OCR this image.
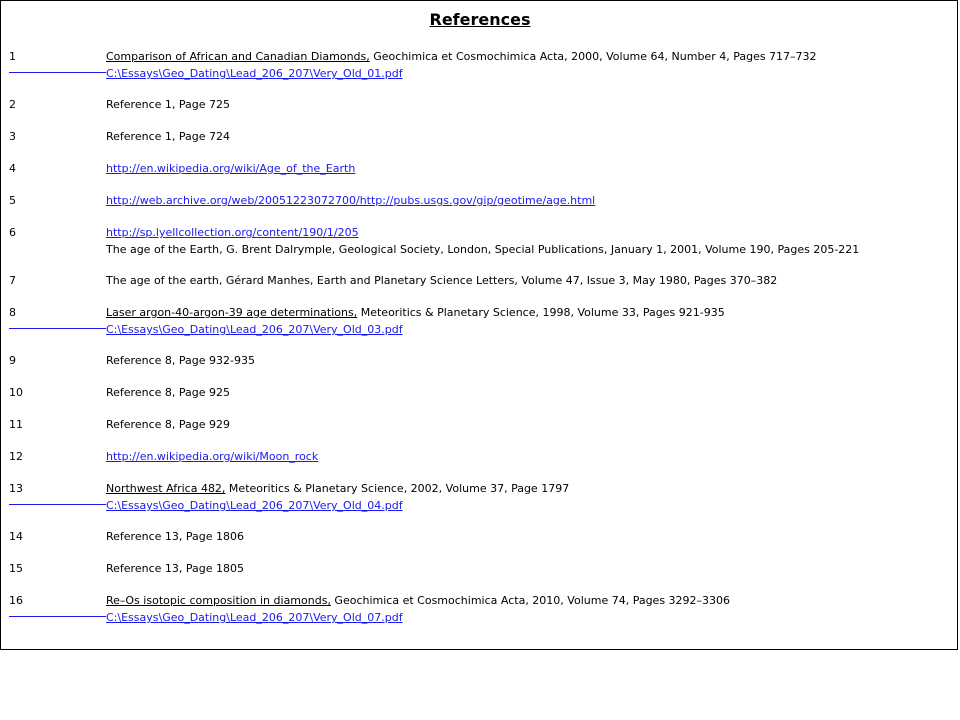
References
1	Comparison of African and Canadian Diamonds, Geochimica et Cosmochimica Acta, 2000, Volume 64, Number 4, Pages 717–732
C:\Essays\Geo_Dating\Lead_206_207\Very_Old_01.pdf
2	Reference 1, Page 725
3	Reference 1, Page 724
4	http://en.wikipedia.org/wiki/Age_of_the_Earth
5	http://web.archive.org/web/20051223072700/http://pubs.usgs.gov/gip/geotime/age.html
6	http://sp.lyellcollection.org/content/190/1/205
The age of the Earth, G. Brent Dalrymple, Geological Society, London, Special Publications, January 1, 2001, Volume 190, Pages 205-221
7	The age of the earth, Gérard Manhes, Earth and Planetary Science Letters, Volume 47, Issue 3, May 1980, Pages 370–382
8	Laser argon-40-argon-39 age determinations, Meteoritics & Planetary Science, 1998, Volume 33, Pages 921-935
C:\Essays\Geo_Dating\Lead_206_207\Very_Old_03.pdf
9	Reference 8, Page 932-935
10	Reference 8, Page 925
11	Reference 8, Page 929
12	http://en.wikipedia.org/wiki/Moon_rock
13	Northwest Africa 482, Meteoritics & Planetary Science, 2002, Volume 37, Page 1797
C:\Essays\Geo_Dating\Lead_206_207\Very_Old_04.pdf
14	Reference 13, Page 1806
15	Reference 13, Page 1805
16	Re–Os isotopic composition in diamonds, Geochimica et Cosmochimica Acta, 2010, Volume 74, Pages 3292–3306
C:\Essays\Geo_Dating\Lead_206_207\Very_Old_07.pdf
